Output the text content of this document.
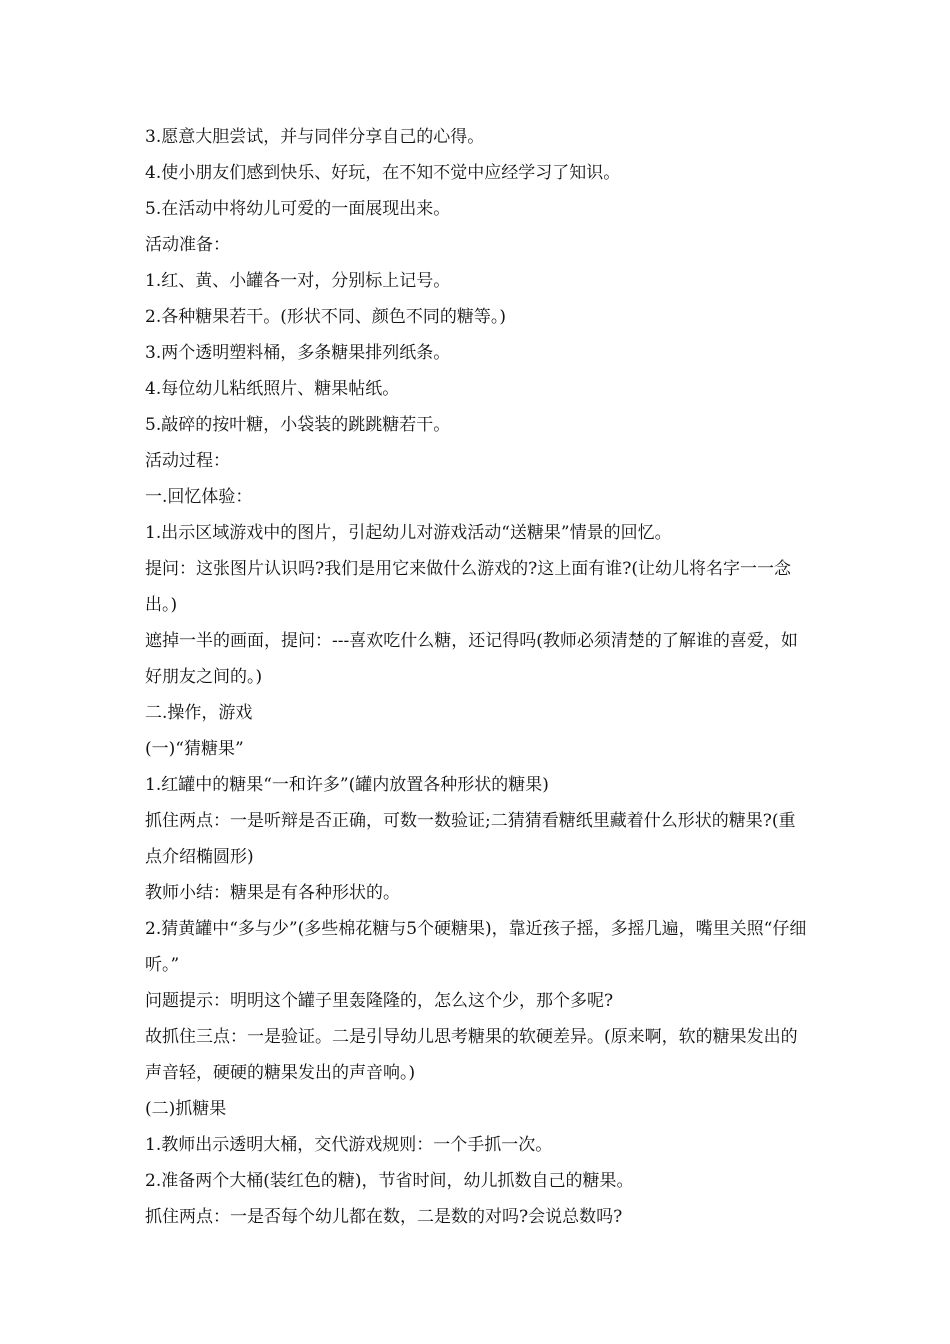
3.愿意大胆尝试，并与同伴分享自己的心得。

4.使小朋友们感到快乐、好玩，在不知不觉中应经学习了知识。

5.在活动中将幼儿可爱的一面展现出来。

活动准备：

1.红、黄、小罐各一对，分别标上记号。

2.各种糖果若干。(形状不同、颜色不同的糖等。)

3.两个透明塑料桶，多条糖果排列纸条。

4.每位幼儿粘纸照片、糖果帖纸。

5.敲碎的按叶糖，小袋装的跳跳糖若干。

活动过程：

一.回忆体验：

1.出示区域游戏中的图片，引起幼儿对游戏活动“送糖果”情景的回忆。

提问：这张图片认识吗?我们是用它来做什么游戏的?这上面有谁?(让幼儿将名字一一念出。)

遮掉一半的画面，提问：---喜欢吃什么糖，还记得吗(教师必须清楚的了解谁的喜爱，如好朋友之间的。)

二.操作，游戏

(一)“猜糖果”

1.红罐中的糖果“一和许多”(罐内放置各种形状的糖果)

抓住两点：一是听辩是否正确，可数一数验证;二猜猜看糖纸里藏着什么形状的糖果?(重点介绍椭圆形)

教师小结：糖果是有各种形状的。

2.猜黄罐中“多与少”(多些棉花糖与5个硬糖果)，靠近孩子摇，多摇几遍，嘴里关照“仔细听。”

问题提示：明明这个罐子里轰隆隆的，怎么这个少，那个多呢?

故抓住三点：一是验证。二是引导幼儿思考糖果的软硬差异。(原来啊，软的糖果发出的声音轻，硬硬的糖果发出的声音响。)

(二)抓糖果

1.教师出示透明大桶，交代游戏规则：一个手抓一次。

2.准备两个大桶(装红色的糖)，节省时间，幼儿抓数自己的糖果。

抓住两点：一是否每个幼儿都在数，二是数的对吗?会说总数吗?
